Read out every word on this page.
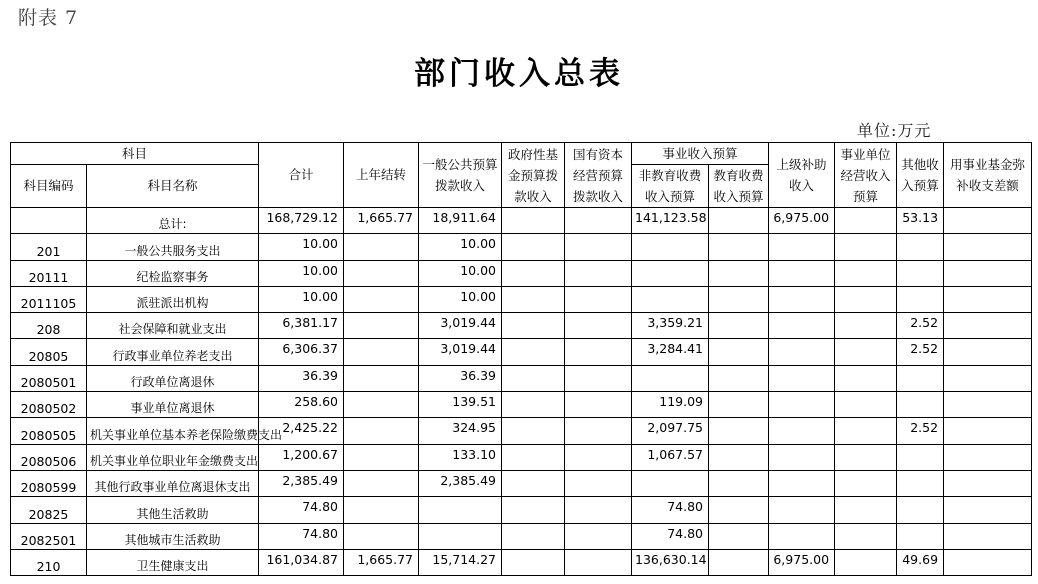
附表 7
部门收入总表
单位:万元
科目		合计	上年结转	一般公共预算拨款收入	政府性基金预算拨款收入	国有资本经营预算拨款收入	事业收入预算		上级补助收入	事业单位经营收入预算	其他收入预算	用事业基金弥补收支差额
科目编码	科目名称						非教育收费收入预算	教育收费收入预算				
	总计:	168,729.12	1,665.77	18,911.64			141,123.58		6,975.00		53.13	
201	一般公共服务支出	10.00		10.00								
20111	纪检监察事务	10.00		10.00								
2011105	派驻派出机构	10.00		10.00								
208	社会保障和就业支出	6,381.17		3,019.44			3,359.21				2.52	
20805	行政事业单位养老支出	6,306.37		3,019.44			3,284.41				2.52	
2080501	行政单位离退休	36.39		36.39								
2080502	事业单位离退休	258.60		139.51			119.09					
2080505	机关事业单位基本养老保险缴费支出	2,425.22		324.95			2,097.75				2.52	
2080506	机关事业单位职业年金缴费支出	1,200.67		133.10			1,067.57					
2080599	其他行政事业单位离退休支出	2,385.49		2,385.49								
20825	其他生活救助	74.80					74.80					
2082501	其他城市生活救助	74.80					74.80					
210	卫生健康支出	161,034.87	1,665.77	15,714.27			136,630.14		6,975.00		49.69	
